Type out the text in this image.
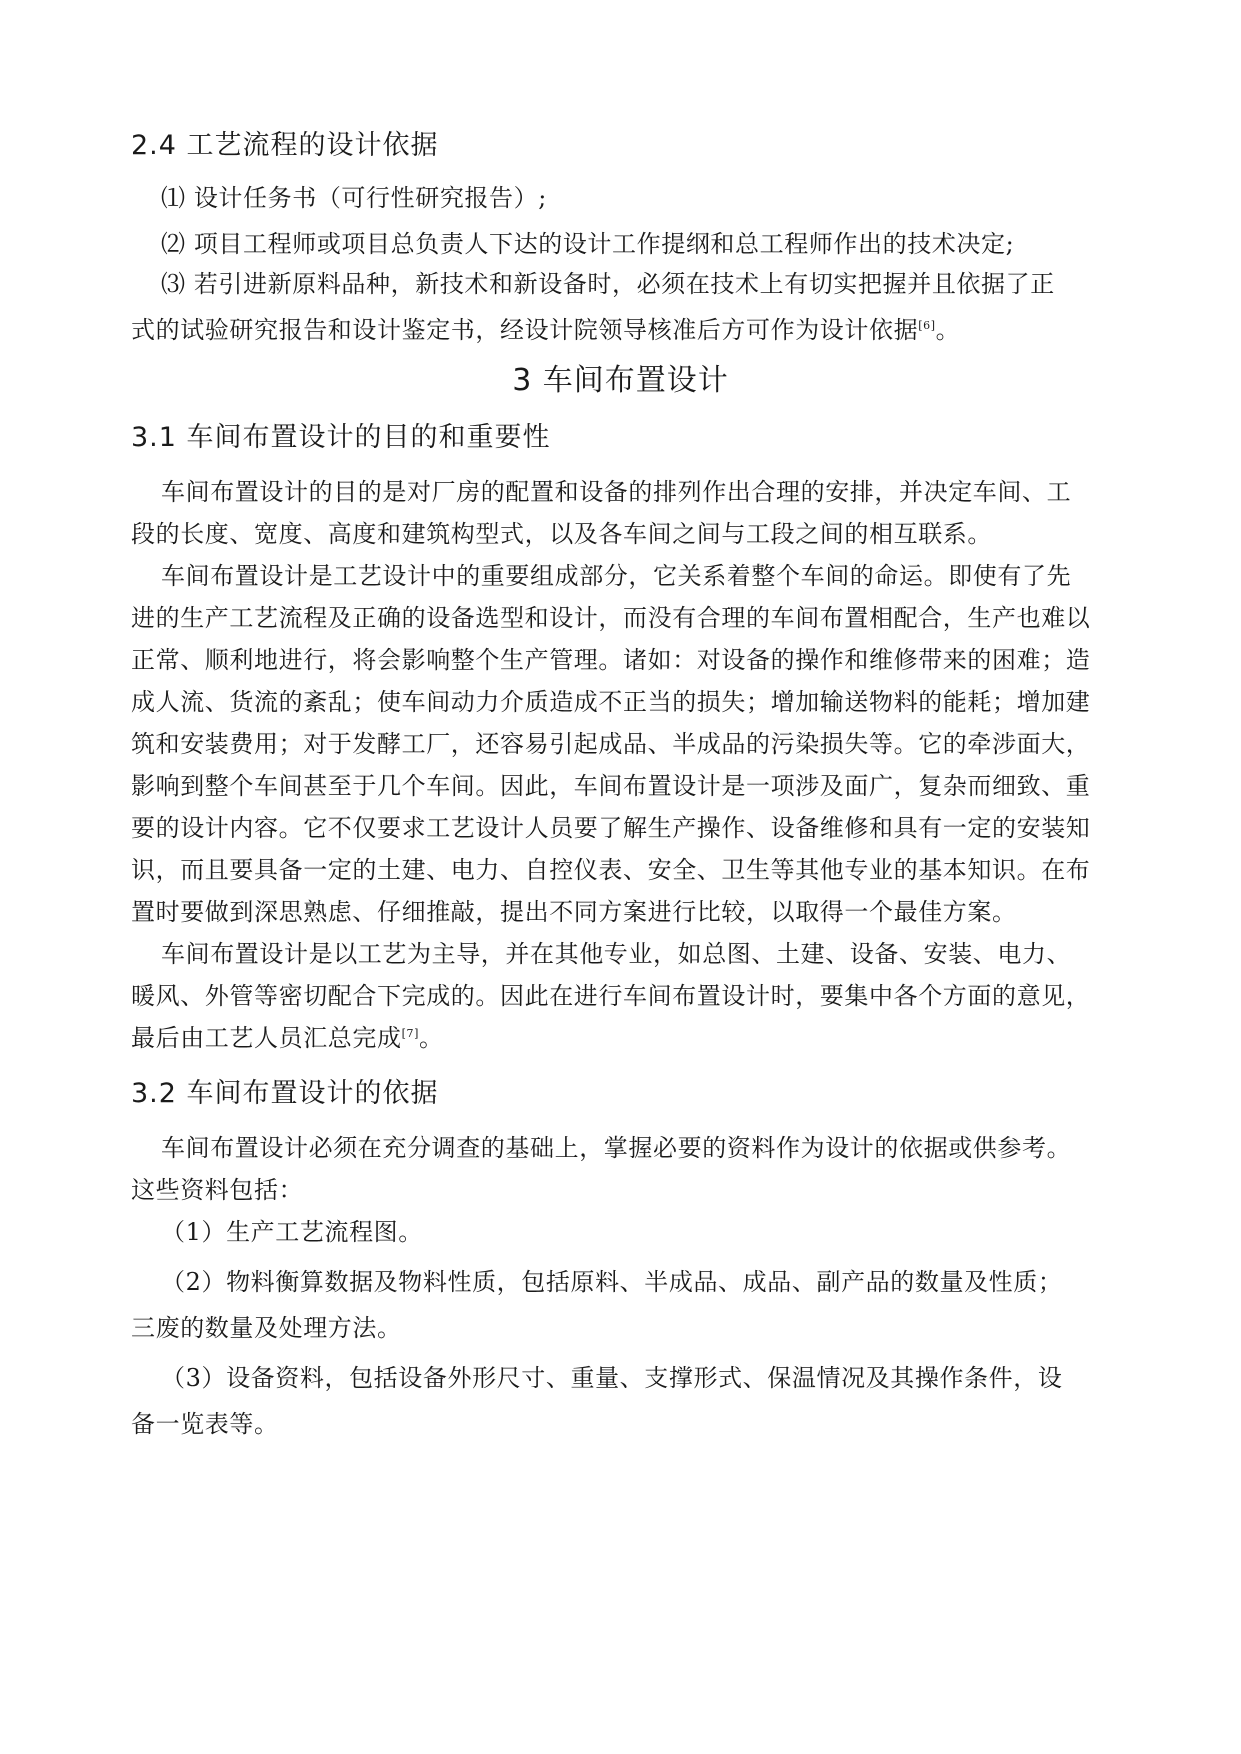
2.4 工艺流程的设计依据
⑴ 设计任务书（可行性研究报告）;
⑵ 项目工程师或项目总负责人下达的设计工作提纲和总工程师作出的技术决定;
⑶ 若引进新原料品种，新技术和新设备时，必须在技术上有切实把握并且依据了正
式的试验研究报告和设计鉴定书，经设计院领导核准后方可作为设计依据[6]。
3 车间布置设计
3.1 车间布置设计的目的和重要性
车间布置设计的目的是对厂房的配置和设备的排列作出合理的安排，并决定车间、工
段的长度、宽度、高度和建筑构型式，以及各车间之间与工段之间的相互联系。
车间布置设计是工艺设计中的重要组成部分，它关系着整个车间的命运。即使有了先
进的生产工艺流程及正确的设备选型和设计，而没有合理的车间布置相配合，生产也难以
正常、顺利地进行，将会影响整个生产管理。诸如：对设备的操作和维修带来的困难；造
成人流、货流的紊乱；使车间动力介质造成不正当的损失；增加输送物料的能耗；增加建
筑和安装费用；对于发酵工厂，还容易引起成品、半成品的污染损失等。它的牵涉面大，
影响到整个车间甚至于几个车间。因此，车间布置设计是一项涉及面广，复杂而细致、重
要的设计内容。它不仅要求工艺设计人员要了解生产操作、设备维修和具有一定的安装知
识，而且要具备一定的土建、电力、自控仪表、安全、卫生等其他专业的基本知识。在布
置时要做到深思熟虑、仔细推敲，提出不同方案进行比较，以取得一个最佳方案。
车间布置设计是以工艺为主导，并在其他专业，如总图、土建、设备、安装、电力、
暖风、外管等密切配合下完成的。因此在进行车间布置设计时，要集中各个方面的意见，
最后由工艺人员汇总完成[7]。
3.2 车间布置设计的依据
车间布置设计必须在充分调查的基础上，掌握必要的资料作为设计的依据或供参考。
这些资料包括：
（1）生产工艺流程图。
（2）物料衡算数据及物料性质，包括原料、半成品、成品、副产品的数量及性质；
三废的数量及处理方法。
（3）设备资料，包括设备外形尺寸、重量、支撑形式、保温情况及其操作条件，设
备一览表等。
